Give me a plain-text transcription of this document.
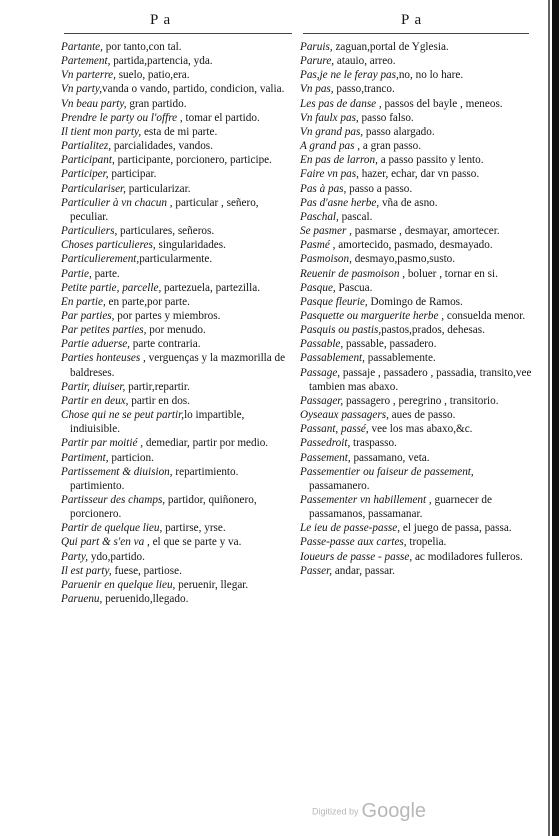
P a	P a
Partante, por tanto,con tal.
Partement, partida,partencia, yda.
Vn parterre, suelo, patio,era.
Vn party,vanda o vando, partido, condicion, valia.
Vn beau party, gran partido.
Prendre le party ou l'offre , tomar el partido.
Il tient mon party, esta de mi parte.
Partialitez, parcialidades, vandos.
Participant, participante, porcionero, participe.
Participer, participar.
Particulariser, particularizar.
Particulier à vn chacun , particular , señero, peculiar.
Particuliers, particulares, señeros.
Choses particulieres, singularidades.
Particulierement,particularmente.
Partie, parte.
Petite partie, parcelle, partezuela, partezilla.
En partie, en parte,por parte.
Par parties, por partes y miembros.
Par petites parties, por menudo.
Partie aduerse, parte contraria.
Parties honteuses , verguenças y la mazmorilla de baldreses.
Partir, diuiser, partir,repartir.
Partir en deux, partir en dos.
Chose qui ne se peut partir,lo impartible, indiuisible.
Partir par moitié , demediar, partir por medio.
Partiment, particion.
Partissement & diuision, repartimiento. partimiento.
Partisseur des champs, partidor, quiñonero, porcionero.
Partir de quelque lieu, partirse, yrse.
Qui part & s'en va , el que se parte y va.
Party, ydo,partido.
Il est party, fuese, partiose.
Paruenir en quelque lieu, peruenir, llegar.
Paruenu, peruenido,llegado.
Paruis, zaguan,portal de Yglesia.
Parure, atauio, arreo.
Pas,je ne le feray pas,no, no lo hare.
Vn pas, passo,tranco.
Les pas de danse , passos del bayle , meneos.
Vn faulx pas, passo falso.
Vn grand pas, passo alargado.
A grand pas , a gran passo.
En pas de larron, a passo passito y lento.
Faire vn pas, hazer, echar, dar vn passo.
Pas à pas, passo a passo.
Pas d'asne herbe, vña de asno.
Paschal, pascal.
Se pasmer , pasmarse , desmayar, amortecer.
Pasmé , amortecido, pasmado, desmayado.
Pasmoison, desmayo,pasmo,susto.
Reuenir de pasmoison , boluer , tornar en si.
Pasque, Pascua.
Pasque fleurie, Domingo de Ramos.
Pasquette ou marguerite herbe , consuelda menor.
Pasquis ou pastis,pastos,prados, dehesas.
Passable, passable, passadero.
Passablement, passablemente.
Passage, passaje , passadero , passadia, transito,vee tambien mas abaxo.
Passager, passagero , peregrino , transitorio.
Oyseaux passagers, aues de passo.
Passant, passé, vee los mas abaxo,&c.
Passedroit, traspasso.
Passement, passamano, veta.
Passementier ou faiseur de passement, passamanero.
Passementer vn habillement , guarnecer de passamanos, passamanar.
Le ieu de passe-passe, el juego de passa, passa.
Passe-passe aux cartes, tropelia.
Ioueurs de passe - passe, ac modiladores fulleros.
Passer, andar, passar.
Digitized by Google
